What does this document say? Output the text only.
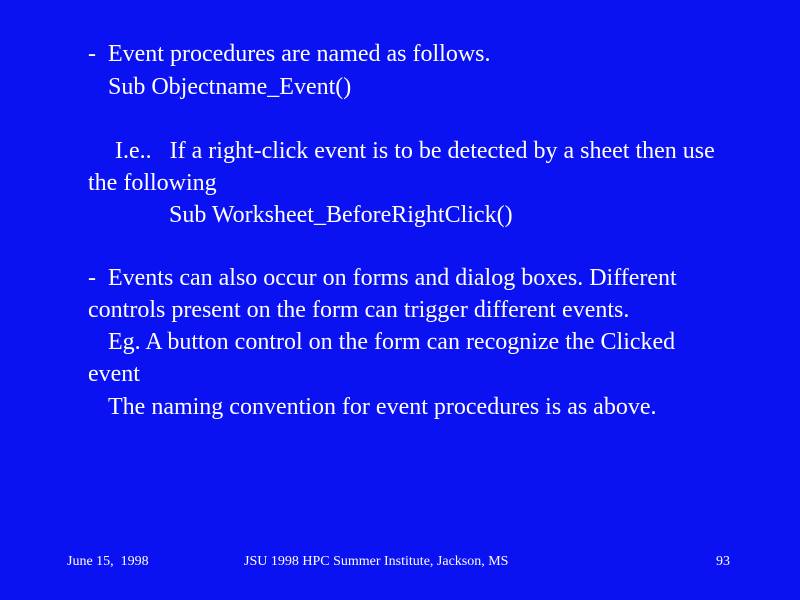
-  Event procedures are named as follows.
Sub Objectname_Event()
I.e..   If a right-click event is to be detected by a sheet then use
the following
Sub Worksheet_BeforeRightClick()
-  Events can also occur on forms and dialog boxes. Different
controls present on the form can trigger different events.
Eg. A button control on the form can recognize the Clicked
event
The naming convention for event procedures is as above.
June 15,  1998	JSU 1998 HPC Summer Institute, Jackson, MS	93
